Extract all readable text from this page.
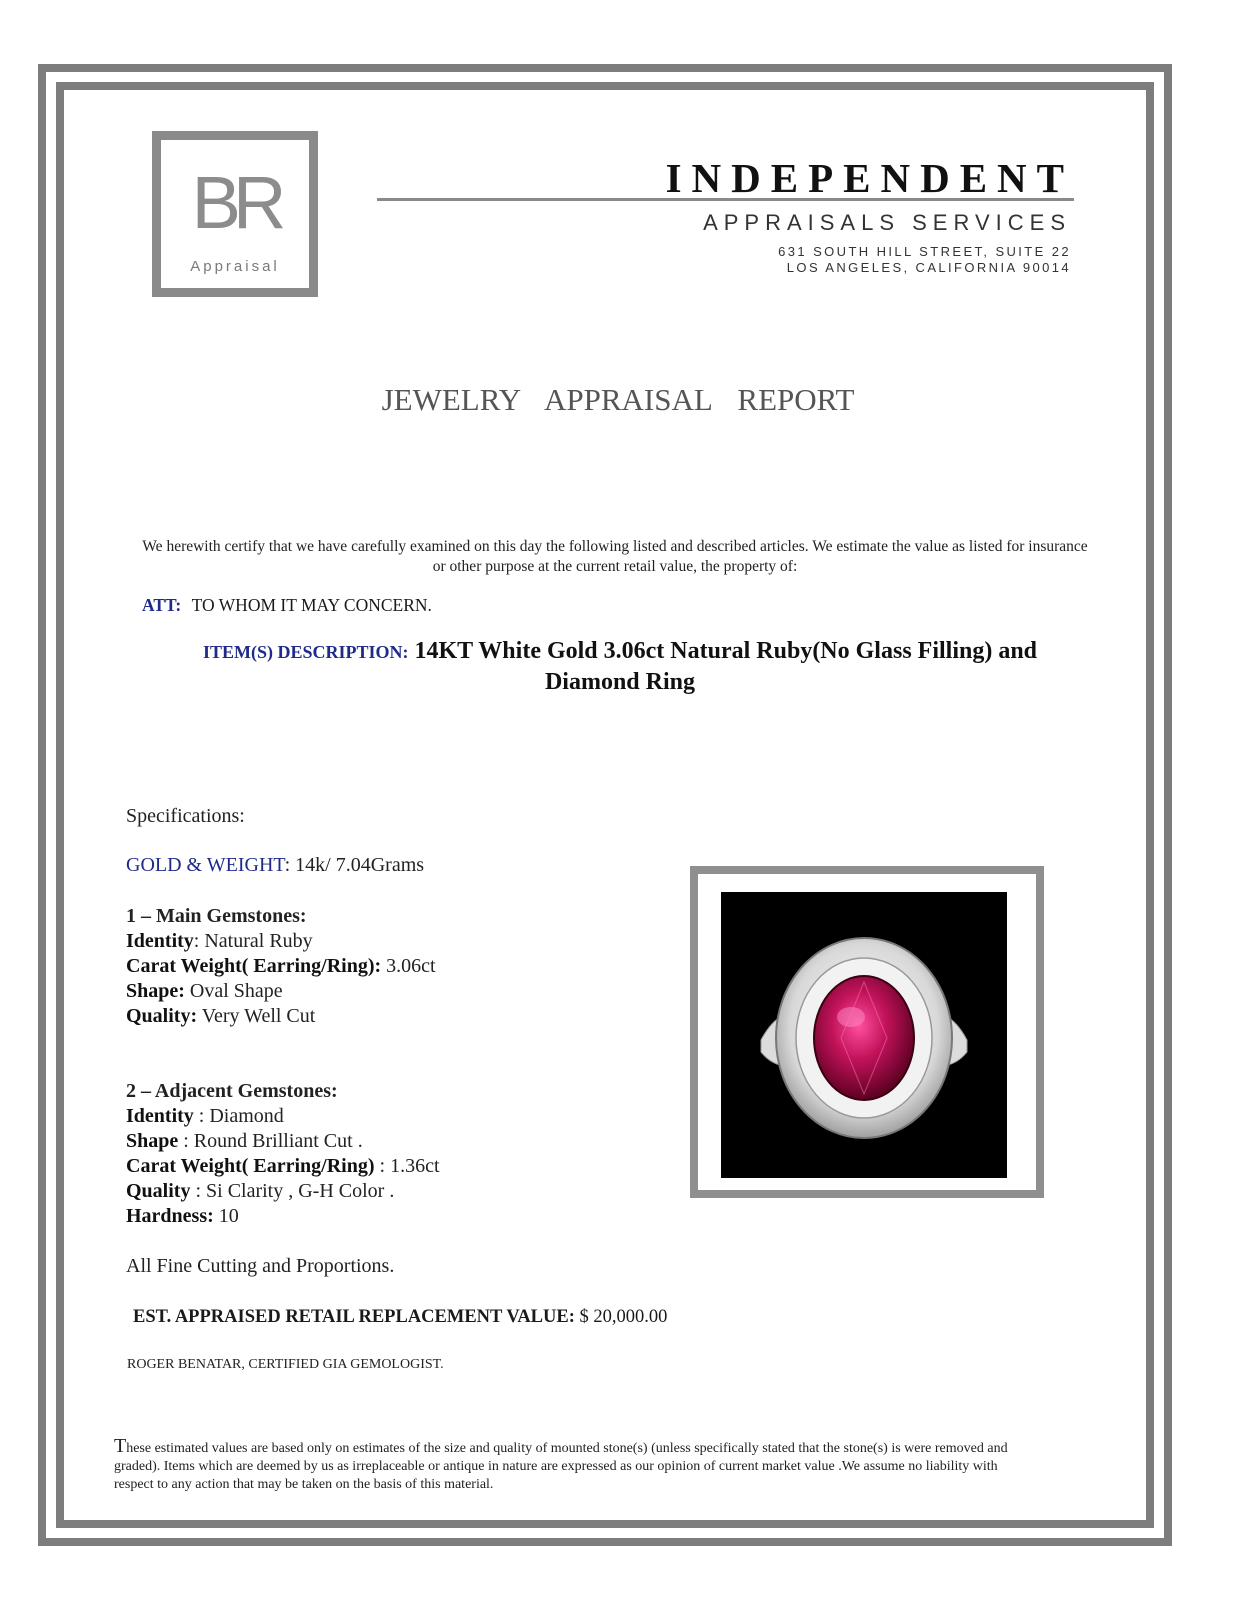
BR
Appraisal
INDEPENDENT
APPRAISALS SERVICES
631 SOUTH HILL STREET, SUITE 22
LOS ANGELES, CALIFORNIA 90014
JEWELRY APPRAISAL REPORT
We herewith certify that we have carefully examined on this day the following listed and described articles. We estimate the value as listed for insurance or other purpose at the current retail value, the property of:
ATT: TO WHOM IT MAY CONCERN.
ITEM(S) DESCRIPTION: 14KT White Gold 3.06ct Natural Ruby(No Glass Filling) and
Diamond Ring
Specifications:
GOLD & WEIGHT: 14k/ 7.04Grams
1 – Main Gemstones:
Identity: Natural Ruby
Carat Weight( Earring/Ring): 3.06ct
Shape: Oval Shape
Quality: Very Well Cut
2 – Adjacent Gemstones:
Identity : Diamond
Shape : Round Brilliant Cut .
Carat Weight( Earring/Ring) : 1.36ct
Quality : Si Clarity , G-H Color .
Hardness: 10
All Fine Cutting and Proportions.
EST. APPRAISED RETAIL REPLACEMENT VALUE: $ 20,000.00
ROGER BENATAR, CERTIFIED GIA GEMOLOGIST.
These estimated values are based only on estimates of the size and quality of mounted stone(s) (unless specifically stated that the stone(s) is were removed and graded). Items which are deemed by us as irreplaceable or antique in nature are expressed as our opinion of current market value .We assume no liability with respect to any action that may be taken on the basis of this material.
